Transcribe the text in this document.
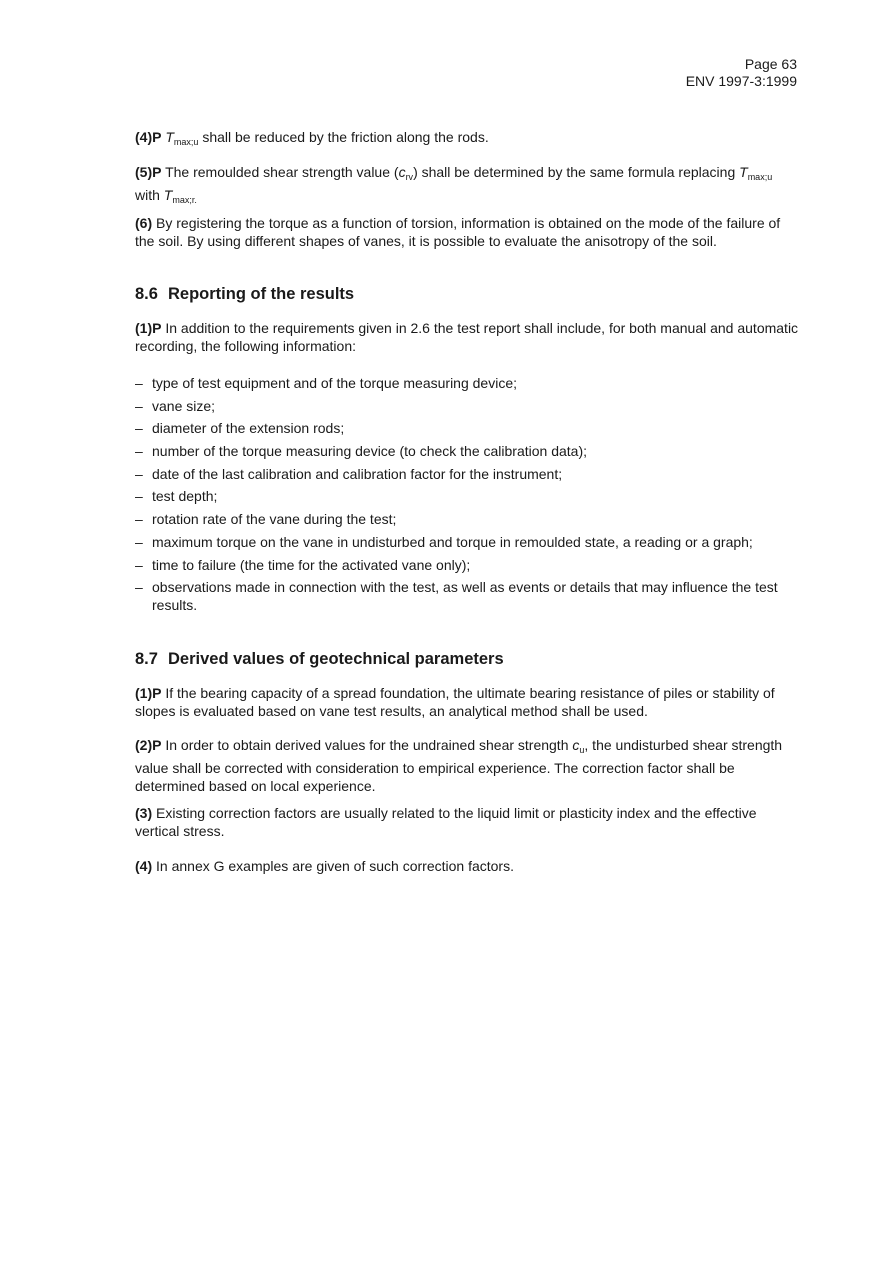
Page 63
ENV 1997-3:1999
(4)P $T_{max;u}$ shall be reduced by the friction along the rods.
(5)P The remoulded shear strength value $(c_{rv})$ shall be determined by the same formula replacing $T_{max;u}$ with $T_{max;r.}$
(6) By registering the torque as a function of torsion, information is obtained on the mode of the failure of the soil. By using different shapes of vanes, it is possible to evaluate the anisotropy of the soil.
8.6 Reporting of the results
(1)P In addition to the requirements given in 2.6 the test report shall include, for both manual and automatic recording, the following information:
– type of test equipment and of the torque measuring device;
– vane size;
– diameter of the extension rods;
– number of the torque measuring device (to check the calibration data);
– date of the last calibration and calibration factor for the instrument;
– test depth;
– rotation rate of the vane during the test;
– maximum torque on the vane in undisturbed and torque in remoulded state, a reading or a graph;
– time to failure (the time for the activated vane only);
– observations made in connection with the test, as well as events or details that may influence the test results.
8.7 Derived values of geotechnical parameters
(1)P If the bearing capacity of a spread foundation, the ultimate bearing resistance of piles or stability of slopes is evaluated based on vane test results, an analytical method shall be used.
(2)P In order to obtain derived values for the undrained shear strength $c_u$, the undisturbed shear strength value shall be corrected with consideration to empirical experience. The correction factor shall be determined based on local experience.
(3) Existing correction factors are usually related to the liquid limit or plasticity index and the effective vertical stress.
(4) In annex G examples are given of such correction factors.
